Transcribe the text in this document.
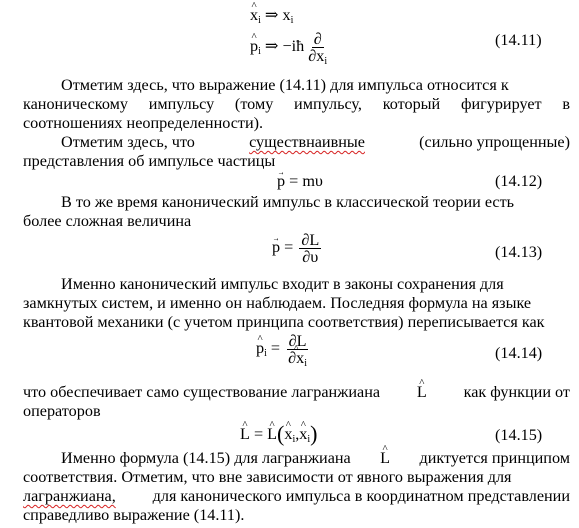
^ $x_i$ ⇒ $x_i$
^ $p_i$ ⇒ −iħ $\frac{\partial}{\partial x_i}$	(14.11)
Отметим здесь, что выражение (14.11) для импульса относится к
каноническому импульсу (тому импульсу, который фигурирует в
соотношениях неопределенности).
Отметим здесь, что	существнаивные	(сильно упрощенные)
представления об импульсе частицы
→ p = mυ	(14.12)
В то же время канонический импульс в классической теории есть
более сложная величина
→ $p = \frac{\partial L}{\partial\upsilon}$	(14.13)
Именно канонический импульс входит в законы сохранения для
замкнутых систем, и именно он наблюдаем. Последняя формула на языке
квантовой механики (с учетом принципа соответствия) переписывается как
^ $p_i = \partial L$
^ $\partial x_i$	(14.14)
что обеспечивает само существование лагранжиана ^ L как функции от
операторов
^ L = ^ L(^ $x_i,\^{}$ $x_i$)	(14.15)
Именно формула (14.15) для лагранжиана ^ L диктуется принципом
соответствия. Отметим, что вне зависимости от явного выражения для
лагранжиана, для канонического импульса в координатном представлении
справедливо выражение (14.11).
